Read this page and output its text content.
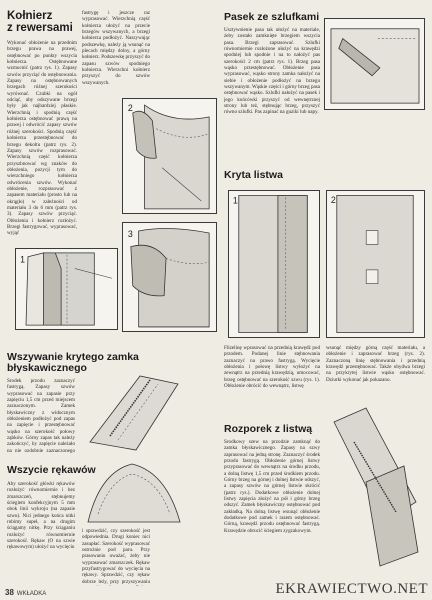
Kołnierz
z rewersami

Wykonać obłożenie na przednim brzegu prawa na prawej, ostębnować po punkty wszycia kołnierza. Ostębnowane wzmocnić (patrz rys. 1). Zapasy szwów przyciąć do ostębnowania. Zapasy na ostębnowanych brzegach różnej szerokości wyrównać. Czubki na ogół odciąć, aby odszywane brzegi były jak najbardziej płaskie. Wierzchnią i spodnią część kołnierza ostębnować prawą na prawej i odwrócić zapasy szwów różnej szerokości. Spodnią część kołnierza przestębnować do brzegu dekoltu (patrz rys. 2). Zapasy szwów rozprasować. Wierzchnią część kołnierza przyszbnować wg znaków do obłożenia, pozycji tym do wierzchniego kołnierza odwrócenia szwów. Wykonać obłożenie, rozprasować z zapasem materiału (prosto lub na okrągło) w zależności od materiału 3 do 6 mm (patrz rys. 3). Zapasy szwów przyciąć. Obłożenia i kołnierz rozłożyć. Brzegi fastrygować, wyprasować, wyjąć

1
Wszywanie krytego zamka
błyskawicznego

Środek przodu zaznaczyć fastrygą. Zapasy szwów wyprasować na zapasie przy zapięciu 1,5 cm przed miejscem zaznaczonym. Zamek błyskawiczny z widocznym obłożeniem podłożyć pod zapas na zapięcie i przestębnować wąsko na szerokość połowy ząbków. Górny zapas tak należy zakończyć, by zapięcie należało na nie ozdobnie zaznaczonego

Wszycie rękawów

Aby szerokość główki rękawów rozłożyć równomiernie i bez zmarszczeń, stębnujemy ściegiem konfekcyjnym 5 mm obok linii wykroju (na zapasie szwu). Nici jednego końca nitki robimy supeł, a na drugim ściągamy nitkę. Przy ściąganiu rozłożyć równomiernie szerokość. Rękaw (O na szwie rękawowym) ułożyć na wycięciu

fastrygę i jeszcze raz wyprasować. Wierzchnią część kołnierza ułożyć na przecie brzegów wszywanych, a brzegi kołnierza podłożyć. Naszywając podszewkę, należy ją wsunąć na plecach między dolny, a górny kołnierz. Podszewkę przyszyć do zapasu szwów spodniego kołnierza. Wierzchni kołnierz przyszyć do szwów wszywanych.

2
3

i sprawdzić, czy szerokość jest odpowiednia. Drugi koniec nici zasupłać. Szerokość wyprasować ostrożnie pod paru. Przy prasowaniu uważać, żeby nie wyprasować zmarszczek. Rękaw przyfastrygować do wycięcia na rękawy. Sprawdzić, czy rękaw dobrze leży, przy przyszywaniu

Pasek ze szlufkami

Usztywnienie pasa tak ułożyć na materiale, żeby zostało zamknięte brzegiem wszycia pasa. Brzegi zaprasować. Szlufki równomiernie rozłożone ułożyć na krawędzi spodniej lub spodnie i na to nałożyć pas szerokości 2 cm (patrz rys. 1). Brzeg pasa wąsko przestębnować. Obłożenie pasa wyprasować, wąsko strony zamka nałożyć na siebie i obłożenie podłożyć na brzegu wszywanym. Wąskie części i górny brzeg pasa ostębnować wąsko. Szlufki nałożyć na pasek i jego końcówki przyszyć od wewnętrznej strony lub też, stębnując brzeg, przyszyć równo szlufki. Pas zapinać na guziki lub napy.

Kryta listwa
1	2

Flizelinę wprasować na przednią krawędź pod przodem. Podanej linie stębnowania zaznaczyć na prawo fastrygą. Wycięcie obłożenia i połowę listwy wyłożyć na zewnątrz na przednią krawędzią, umocować, brzeg ostębnować na szerokość szwu (rys. 1). Obłożenie obrócić do wewnątrz, listwę

wsunąć między górną część materiału, a obłożenie i zaprasować brzeg (rys. 2). Zaznaczoną linię stębnowania i przednią krawędź przestębnować. Także obydwa brzegi na przykrytej listwie wąsko ostębnować. Dziurki wykonać jak pokazano.

Rozporek z listwą

Środkowy szew na przodzie zamknąć do zamka błyskawicznego. Zapasy na szwy zaprasować na jedną stronę. Zaznaczyć środek przodu fastrygą. Obłożenie górnej listwy przyprasować do wewnątrz na środku przodu, a dolną listwę 1,5 cm przed środkiem przodu. Górny brzeg na górnej i dolnej listwie odszyć, a zapasy szwów na górnej listwie skrócić (patrz rys.). Dodatkowe obłożenie dolnej listwy zapięcia złożyć na pół i górny brzeg odszyć. Zamek błyskawiczny ostębnować pod zakładką. Na dolną listwę wsunąć obłożenie dodatkowe pod zamek i razem ostębnować. Górną, krawędź przodu ostębnować fastrygą. Krawędzie obrucić ściegiem zygzakowym.

38 WKŁADKA	EKRAWIECTWO.NET
